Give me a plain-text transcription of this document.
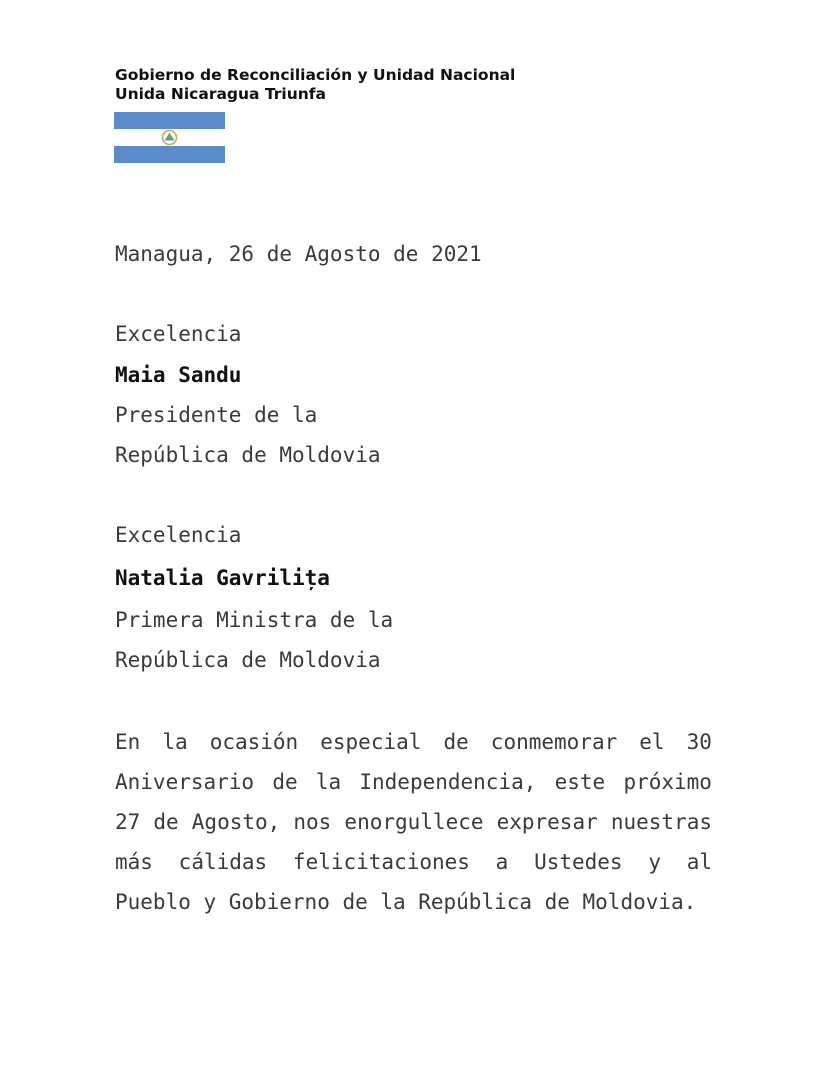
Gobierno de Reconciliación y Unidad Nacional
Unida Nicaragua Triunfa
Managua, 26 de Agosto de 2021
Excelencia
Maia Sandu
Presidente de la
República de Moldovia
Excelencia
Natalia Gavrilița
Primera Ministra de la
República de Moldovia
En la ocasión especial de conmemorar el 30
Aniversario de la Independencia, este próximo
27 de Agosto, nos enorgullece expresar nuestras
más cálidas felicitaciones a Ustedes y al
Pueblo y Gobierno de la República de Moldovia.
